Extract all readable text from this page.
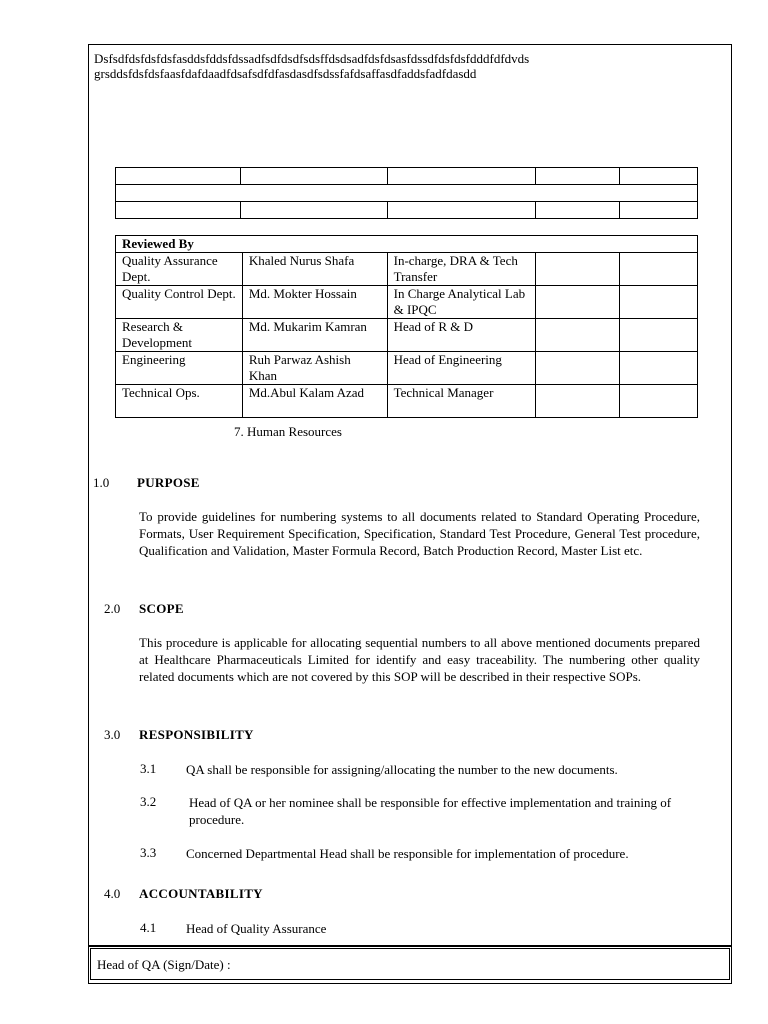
Dsfsdfdsfdsfdsfasddsfddsfdssadfsdfdsdfsdsffdsdsadfdsfdsasfdssdfdsfdsfdddfdfdvds
grsddsfdsfdsfaasfdafdaadfdsafsdfdfasdasdfsdssfafdsaffasdfaddsfadfdasdd

Reviewed By				
Quality Assurance Dept.	Khaled Nurus Shafa	In-charge, DRA & Tech Transfer		
Quality Control Dept.	Md. Mokter Hossain	In Charge Analytical Lab & IPQC		
Research & Development	Md. Mukarim Kamran	Head of R & D		
Engineering	Ruh Parwaz Ashish Khan	Head of Engineering		
Technical Ops.	Md.Abul Kalam Azad	Technical Manager		
7. Human Resources
1.0 PURPOSE
To provide guidelines for numbering systems to all documents related to Standard Operating Procedure, Formats, User Requirement Specification, Specification, Standard Test Procedure, General Test procedure, Qualification and Validation, Master Formula Record, Batch Production Record, Master List etc.
2.0 SCOPE
This procedure is applicable for allocating sequential numbers to all above mentioned documents prepared at Healthcare Pharmaceuticals Limited for identify and easy traceability. The numbering other quality related documents which are not covered by this SOP will be described in their respective SOPs.
3.0 RESPONSIBILITY
3.1 QA shall be responsible for assigning/allocating the number to the new documents.
3.2	Head of QA or her nominee shall be responsible for effective implementation and training of procedure.
3.3 Concerned Departmental Head shall be responsible for implementation of procedure.
4.0 ACCOUNTABILITY
4.1 Head of Quality Assurance
Head of QA (Sign/Date) :
